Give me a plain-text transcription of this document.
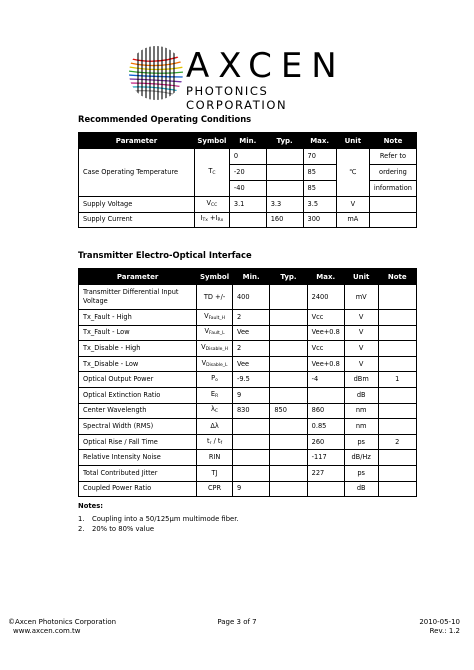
AXCEN
PHOTONICS CORPORATION
Recommended Operating Conditions
Parameter	Symbol	Min.	Typ.	Max.	Unit	Note
Case Operating Temperature	$T_C$	0		70	℃	Refer to
		-20		85		ordering
		-40		85		information
Supply Voltage	$V_{CC}$	3.1	3.3	3.5	V	
Supply Current	$I_{Tx} +I_{Rx}$		160	300	mA	
Transmitter Electro-Optical Interface
Parameter	Symbol	Min.	Typ.	Max.	Unit	Note
Transmitter Differential Input Voltage	TD +/-	400		2400	mV	
Tx_Fault - High	$V_{Fault\_H}$	2		Vcc	V	
Tx_Fault - Low	$V_{Fault\_L}$	Vee		Vee+0.8	V	
Tx_Disable - High	$V_{Disable\_H}$	2		Vcc	V	
Tx_Disable - Low	$V_{Disable\_L}$	Vee		Vee+0.8	V	
Optical Output Power	$P_o$	-9.5		-4	dBm	1
Optical Extinction Ratio	$E_R$	9			dB	
Center Wavelength	$\lambda_C$	830	850	860	nm	
Spectral Width (RMS)	Δλ			0.85	nm	
Optical Rise / Fall Time	$t_r / t_f$			260	ps	2
Relative Intensity Noise	RIN			-117	dB/Hz	
Total Contributed Jitter	TJ			227	ps	
Coupled Power Ratio	CPR	9			dB	
Notes:
1. Coupling into a 50/125μm multimode fiber.
2. 20% to 80% value
©Axcen Photonics Corporation
www.axcen.com.tw
Page 3 of 7	2010-05-10
Rev.: 1.2
